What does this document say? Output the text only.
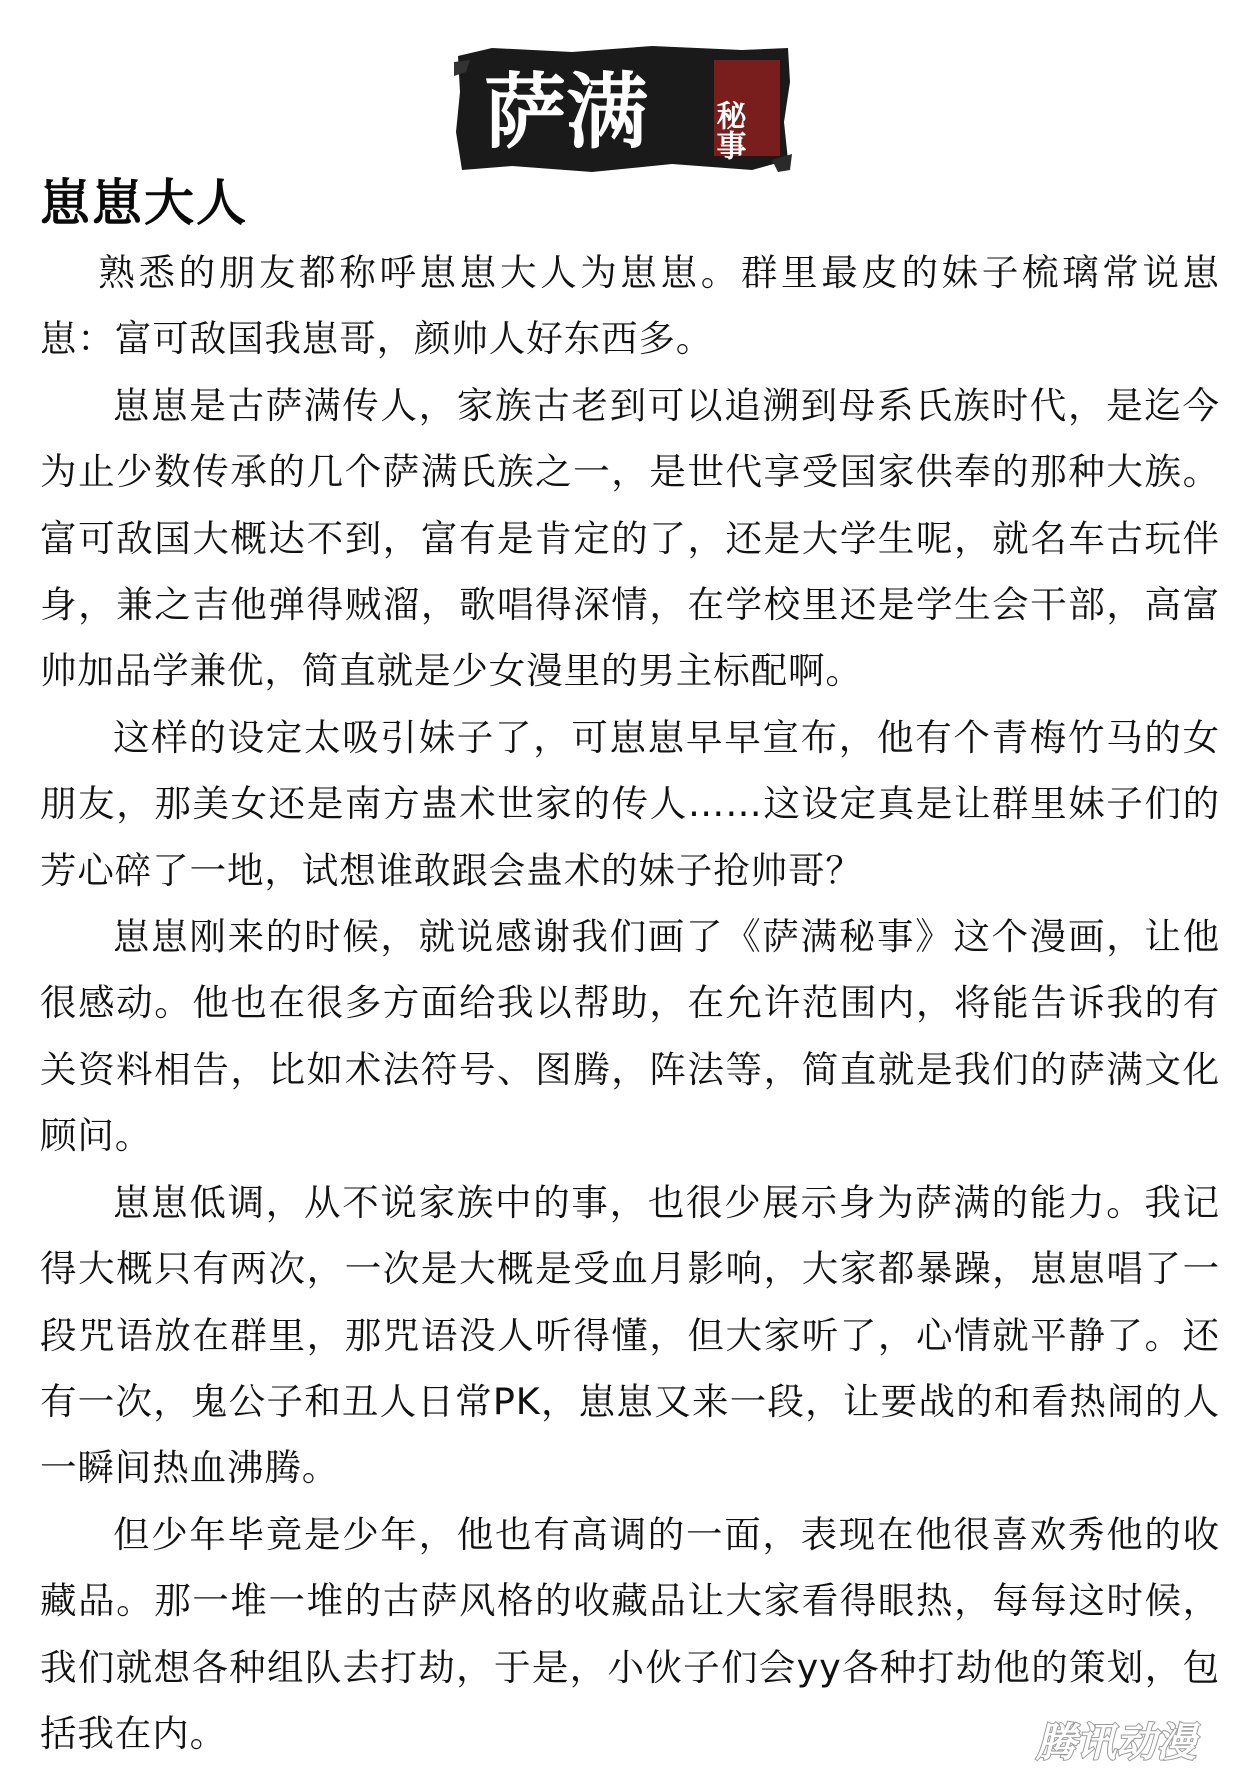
萨满 秘事
崽崽大人

熟悉的朋友都称呼崽崽大人为崽崽。群里最皮的妹子梳璃常说崽崽：富可敌国我崽哥，颜帅人好东西多。

崽崽是古萨满传人，家族古老到可以追溯到母系氏族时代，是迄今为止少数传承的几个萨满氏族之一，是世代享受国家供奉的那种大族。富可敌国大概达不到，富有是肯定的了，还是大学生呢，就名车古玩伴身，兼之吉他弹得贼溜，歌唱得深情，在学校里还是学生会干部，高富帅加品学兼优，简直就是少女漫里的男主标配啊。

这样的设定太吸引妹子了，可崽崽早早宣布，他有个青梅竹马的女朋友，那美女还是南方蛊术世家的传人……这设定真是让群里妹子们的芳心碎了一地，试想谁敢跟会蛊术的妹子抢帅哥？

崽崽刚来的时候，就说感谢我们画了《萨满秘事》这个漫画，让他很感动。他也在很多方面给我以帮助，在允许范围内，将能告诉我的有关资料相告，比如术法符号、图腾，阵法等，简直就是我们的萨满文化顾问。

崽崽低调，从不说家族中的事，也很少展示身为萨满的能力。我记得大概只有两次，一次是大概是受血月影响，大家都暴躁，崽崽唱了一段咒语放在群里，那咒语没人听得懂，但大家听了，心情就平静了。还有一次，鬼公子和丑人日常PK，崽崽又来一段，让要战的和看热闹的人一瞬间热血沸腾。

但少年毕竟是少年，他也有高调的一面，表现在他很喜欢秀他的收藏品。那一堆一堆的古萨风格的收藏品让大家看得眼热，每每这时候，我们就想各种组队去打劫，于是，小伙子们会yy各种打劫他的策划，包括我在内。	腾讯动漫
